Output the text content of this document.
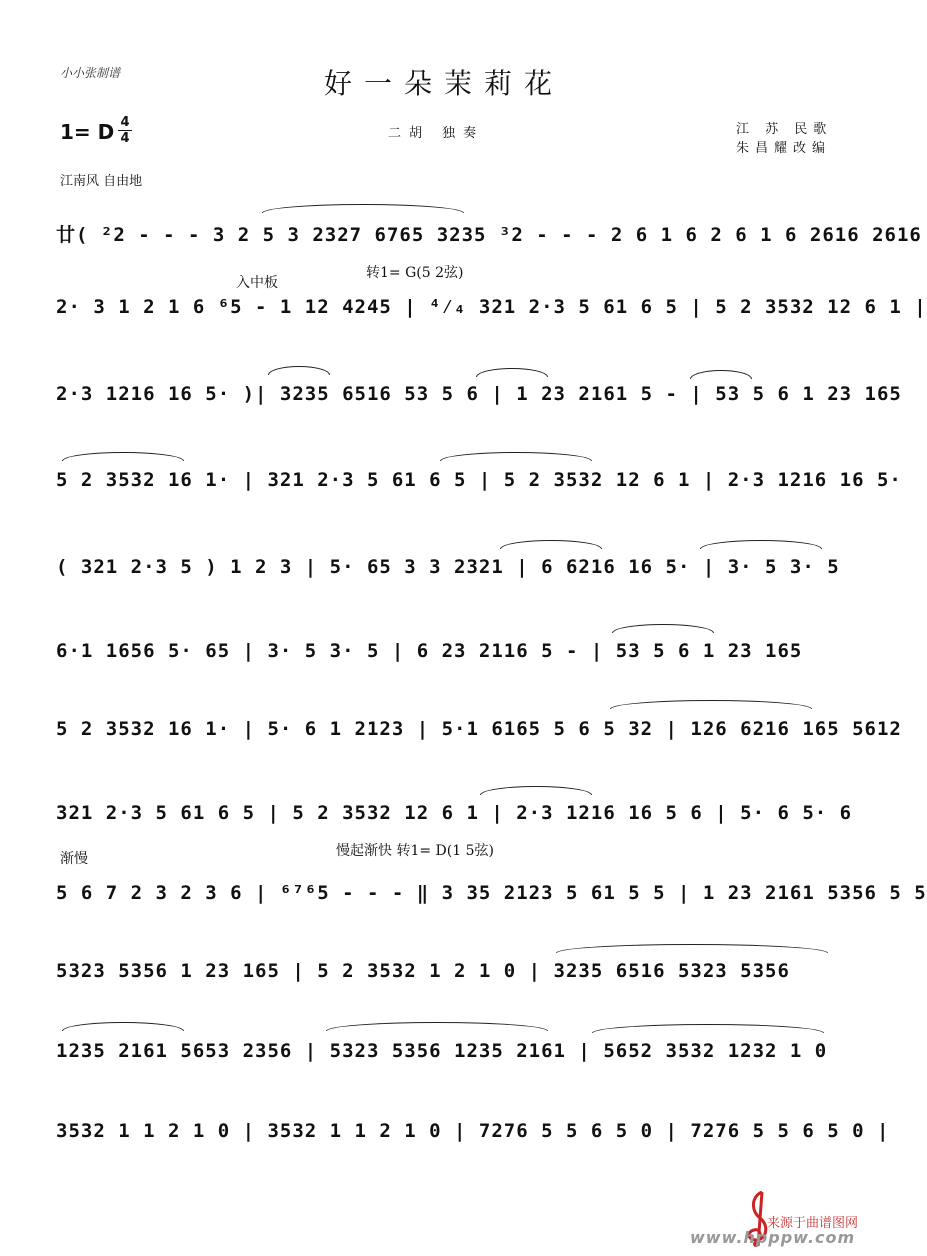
小小张制谱	好一朵茉莉花
1= D 4
4	二胡 独奏	江 苏 民歌
朱昌耀改编
江南风 自由地
入中板
转1= G(5 2弦)
渐慢	慢起渐快 转1= D(1 5弦)
廿( ²2 - - - 3 2 5 3 2327 6765 3235 ³2 - - - 2 6 1 6 2 6 1 6 2616 2616
2· 3 1 2 1 6 ⁶5 - 1 12 4245 | ⁴⁄₄ 321 2·3 5 61 6 5 | 5 2 3532 12 6 1 |
2·3 1216 16 5· )| 3235 6516 53 5 6 | 1 23 2161 5 - | 53 5 6 1 23 165
5 2 3532 16 1· | 321 2·3 5 61 6 5 | 5 2 3532 12 6 1 | 2·3 1216 16 5·
( 321 2·3 5 ) 1 2 3 | 5· 65 3 3 2321 | 6 6216 16 5· | 3· 5 3· 5
6·1 1656 5· 65 | 3· 5 3· 5 | 6 23 2116 5 - | 53 5 6 1 23 165
5 2 3532 16 1· | 5· 6 1 2123 | 5·1 6165 5 6 5 32 | 126 6216 165 5612
321 2·3 5 61 6 5 | 5 2 3532 12 6 1 | 2·3 1216 16 5 6 | 5· 6 5· 6
5 6 7 2 3 2 3 6 | ⁶⁷⁶5 - - - ‖ 3 35 2123 5 61 5 5 | 1 23 2161 5356 5 5
5323 5356 1 23 165 | 5 2 3532 1 2 1 0 | 3235 6516 5323 5356
1235 2161 5653 2356 | 5323 5356 1235 2161 | 5652 3532 1232 1 0
3532 1 1 2 1 0 | 3532 1 1 2 1 0 | 7276 5 5 6 5 0 | 7276 5 5 6 5 0 |
来源于曲谱图网
www.hpppw.com
